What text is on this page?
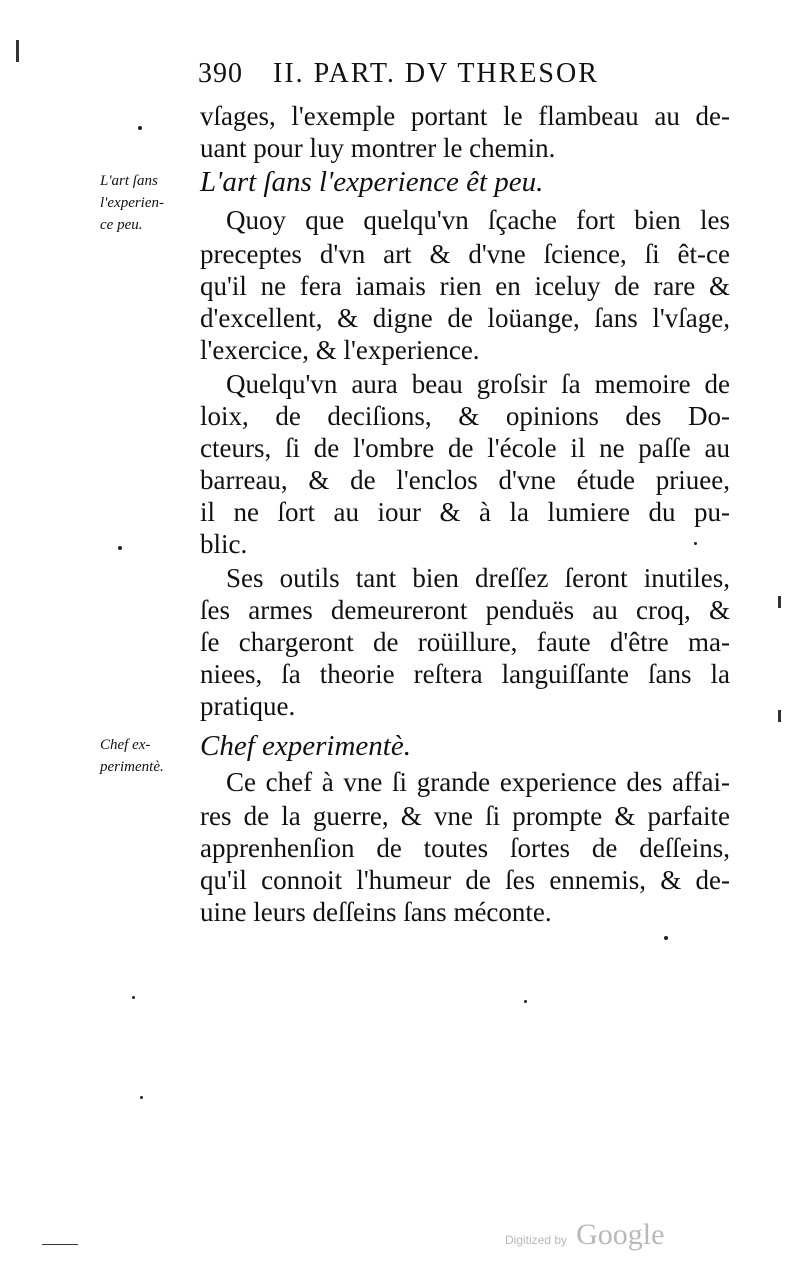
390 II. PART. DV THRESOR
vſages, l'exemple portant le flambeau au de-
uant pour luy montrer le chemin.
L'art ſans
l'experien-
ce peu.
L'art ſans l'experience êt peu.
Quoy que quelqu'vn ſçache fort bien les
preceptes d'vn art & d'vne ſcience, ſi êt-ce
qu'il ne fera iamais rien en iceluy de rare &
d'excellent, & digne de loüange, ſans l'vſage,
l'exercice, & l'experience.
Quelqu'vn aura beau groſsir ſa memoire de
loix, de deciſions, & opinions des Do-
cteurs, ſi de l'ombre de l'école il ne paſſe au
barreau, & de l'enclos d'vne étude priuee,
il ne ſort au iour & à la lumiere du pu-
blic.
Ses outils tant bien dreſſez ſeront inutiles,
ſes armes demeureront penduës au croq, &
ſe chargeront de roüillure, faute d'être ma-
niees, ſa theorie reſtera languiſſante ſans la
pratique.
Chef ex-
perimentè.
Chef experimentè.
Ce chef à vne ſi grande experience des affai-
res de la guerre, & vne ſi prompte & parfaite
apprenhenſion de toutes ſortes de deſſeins,
qu'il connoit l'humeur de ſes ennemis, & de-
uine leurs deſſeins ſans méconte.
Digitized by Google
